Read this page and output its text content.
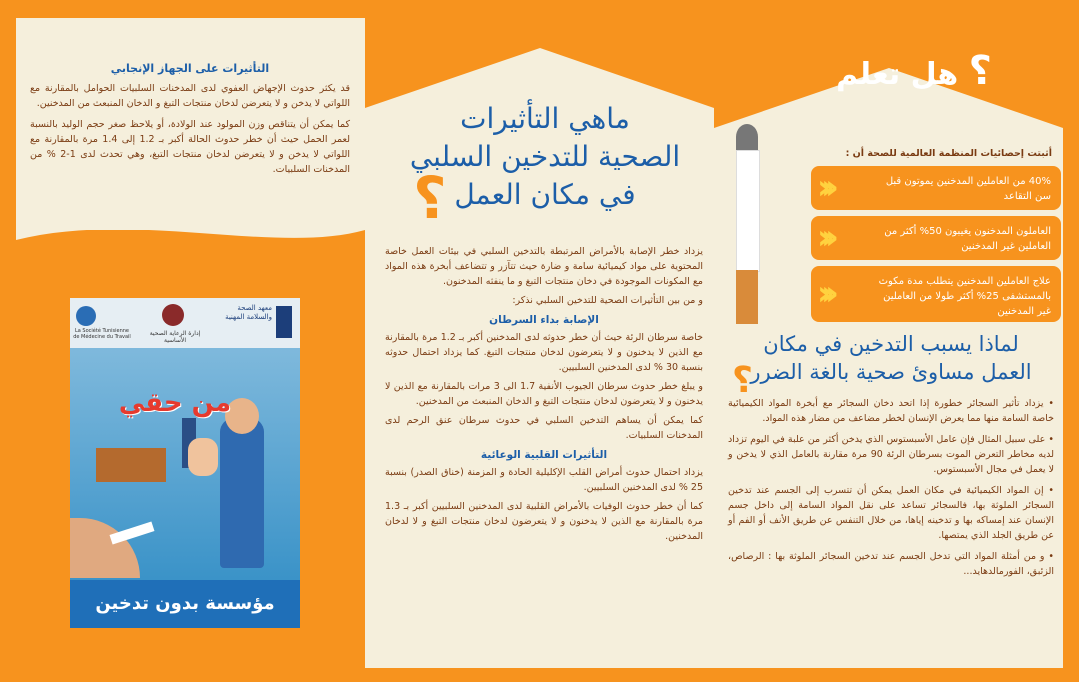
التأثيرات على الجهاز الإنجابي

قد يكثر حدوث الإجهاض العفوي لدى المدخنات السلبيات الحوامل بالمقارنة مع اللواتي لا يدخن و لا يتعرضن لدخان منتجات التبغ و الدخان المنبعث من المدخنين.

كما يمكن أن يتناقص وزن المولود عند الولادة، أو يلاحظ صغر حجم الوليد بالنسبة لعمر الحمل حيث أن خطر حدوث الحالة أكبر بـ 1.2 إلى 1.4 مرة بالمقارنة مع اللواتي لا يدخن و لا يتعرضن لدخان منتجات التبغ، وهي تحدث لدى 1-2 % من المدخنات السلبيات.

La Société Tunisienne de Médecine du Travail	إدارة الرعاية الصحية الأساسية
معهد الصحة والسلامة المهنية
من حقي
مؤسسة بدون تدخين
ماهي التأثيرات
الصحية للتدخين السلبي
في مكان العمل
؟

يزداد خطر الإصابة بالأمراض المرتبطة بالتدخين السلبي في بيئات العمل خاصة المحتوية على مواد كيميائية سامة و ضارة حيث تتآزر و تتضاعف أبخرة هذه المواد مع المكونات الموجودة في دخان منتجات التبغ و ما ينفثه المدخنون.

و من بين التأثيرات الصحية للتدخين السلبي نذكر:

الإصابة بداء السرطان

خاصة سرطان الرئة حيث أن خطر حدوثه لدى المدخنين أكبر بـ 1.2 مرة بالمقارنة مع الذين لا يدخنون و لا يتعرضون لدخان منتجات التبغ. كما يزداد احتمال حدوثه بنسبة 30 % لدى المدخنين السلبيين.

و يبلغ خطر حدوث سرطان الجيوب الأنفية 1.7 الى 3 مرات بالمقارنة مع الذين لا يدخنون و لا يتعرضون لدخان منتجات التبغ و الدخان المنبعث من المدخنين.

كما يمكن أن يساهم التدخين السلبي في حدوث سرطان عنق الرحم لدى المدخنات السلبيات.

التأثيرات القلبية الوعائية

يزداد احتمال حدوث أمراض القلب الإكليلية الحادة و المزمنة (خناق الصدر) بنسبة 25 % لدى المدخنين السلبيين.

كما أن خطر حدوث الوفيات بالأمراض القلبية لدى المدخنين السلبيين أكبر بـ 1.3 مرة بالمقارنة مع الذين لا يدخنون و لا يتعرضون لدخان منتجات التبغ و لا لدخان المدخنين.

؟ هل تعلم
أثبتت إحصائيات المنظمة العالمية للصحة أن :
‹‹‹	40% من العاملين المدخنين يموتون قبل سن التقاعد
‹‹‹	العاملون المدخنون يغيبون 50% أكثر من العاملين غير المدخنين
‹‹‹	علاج العاملين المدخنين يتطلب مدة مكوث بالمستشفى 25% أكثر طولا من العاملين غير المدخنين
لماذا يسبب التدخين في مكان
العمل مساوئ صحية بالغة الضرر
؟

• يزداد تأثير السجائر خطورة إذا اتحد دخان السجائر مع أبخرة المواد الكيميائية خاصة السامة منها مما يعرض الإنسان لخطر مضاعف من مضار هذه المواد.

• على سبيل المثال فإن عامل الأسبستوس الذي يدخن أكثر من علبة في اليوم تزداد لديه مخاطر التعرض الموت بسرطان الرئة 90 مرة مقارنة بالعامل الذي لا يدخن و لا يعمل في مجال الأسبستوس.

• إن المواد الكيميائية في مكان العمل يمكن أن تتسرب إلى الجسم عند تدخين السجائر الملوثة بها، فالسجائر تساعد على نقل المواد السامة إلى داخل جسم الإنسان عند إمساكه بها و تدخينه إياها، من خلال التنفس عن طريق الأنف أو الفم أو عن طريق الجلد الذي يمتصها.

• و من أمثلة المواد التي تدخل الجسم عند تدخين السجائر الملوثة بها : الرصاص، الزئبق، الفورمالدهايد...
